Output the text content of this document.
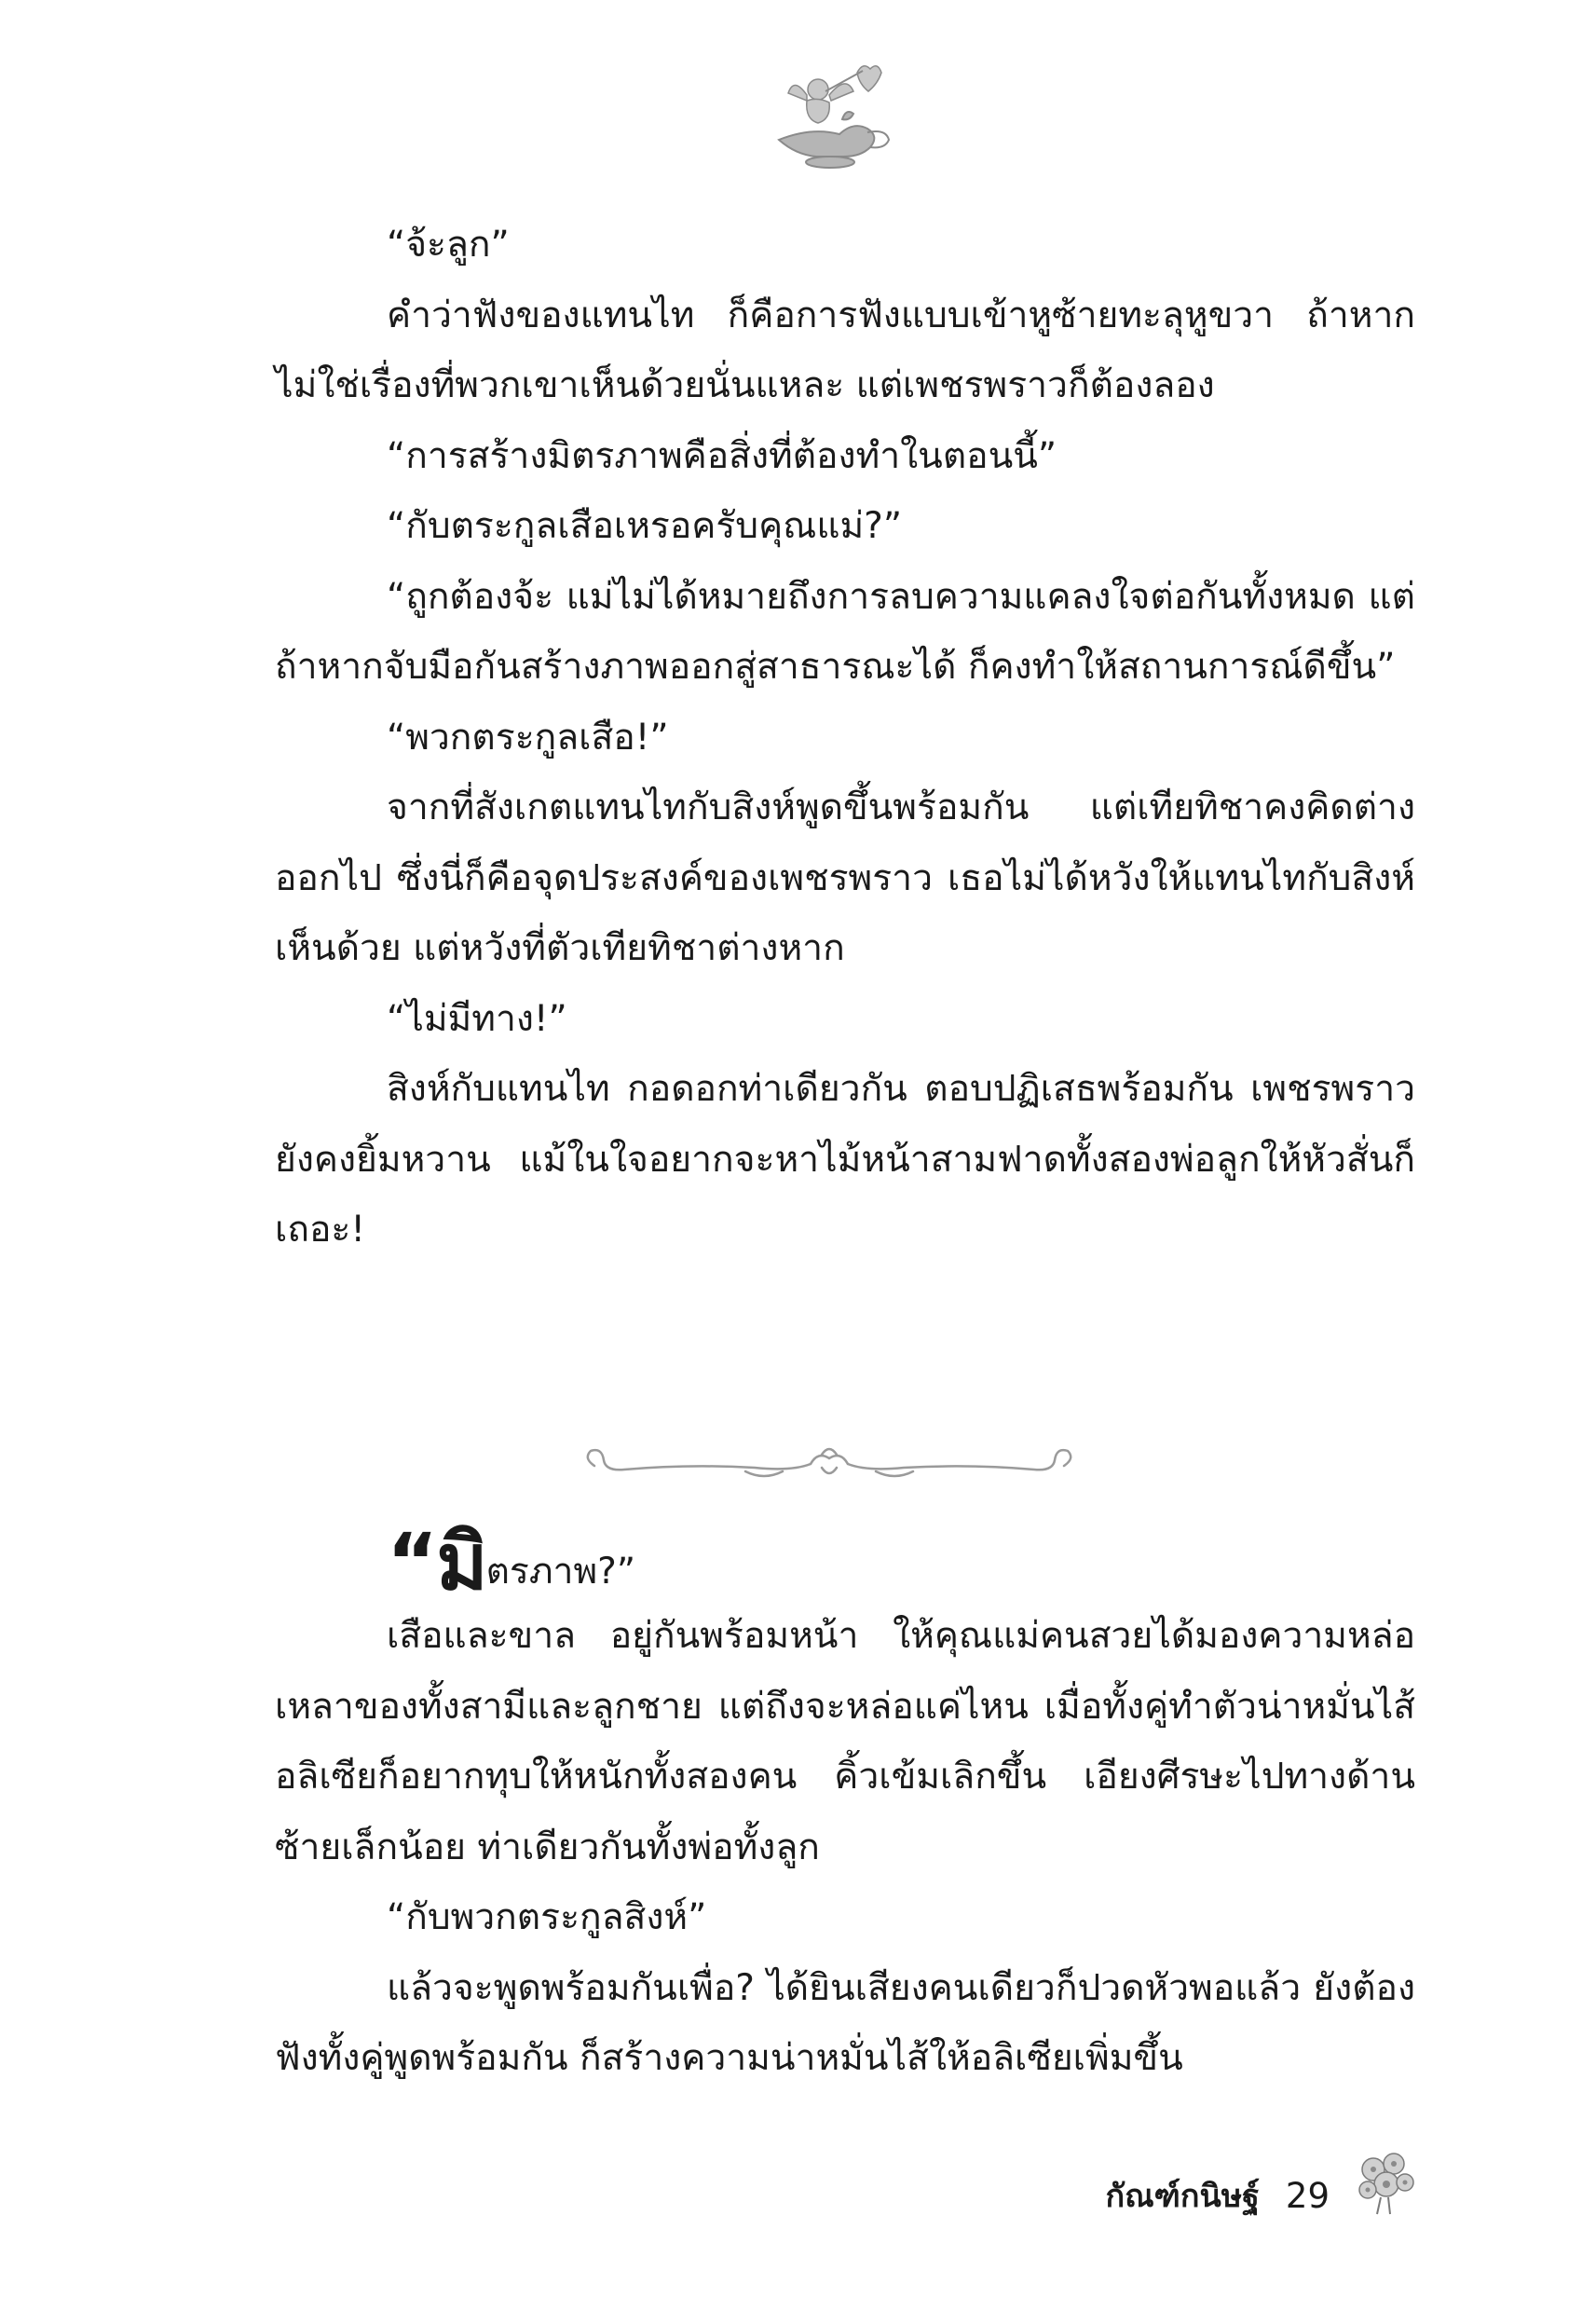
“จ้ะลูก”

คำว่าฟังของแทนไท ก็คือการฟังแบบเข้าหูซ้ายทะลุหูขวา ถ้าหากไม่ใช่เรื่องที่พวกเขาเห็นด้วยนั่นแหละ แต่เพชรพราวก็ต้องลอง

“การสร้างมิตรภาพคือสิ่งที่ต้องทำในตอนนี้”

“กับตระกูลเสือเหรอครับคุณแม่?”

“ถูกต้องจ้ะ แม่ไม่ได้หมายถึงการลบความแคลงใจต่อกันทั้งหมด แต่ถ้าหากจับมือกันสร้างภาพออกสู่สาธารณะได้ ก็คงทำให้สถานการณ์ดีขึ้น”

“พวกตระกูลเสือ!”

จากที่สังเกตแทนไทกับสิงห์พูดขึ้นพร้อมกัน แต่เทียทิชาคงคิดต่างออกไป ซึ่งนี่ก็คือจุดประสงค์ของเพชรพราว เธอไม่ได้หวังให้แทนไทกับสิงห์เห็นด้วย แต่หวังที่ตัวเทียทิชาต่างหาก

“ไม่มีทาง!”

สิงห์กับแทนไท กอดอกท่าเดียวกัน ตอบปฏิเสธพร้อมกัน เพชรพราวยังคงยิ้มหวาน แม้ในใจอยากจะหาไม้หน้าสามฟาดทั้งสองพ่อลูกให้หัวสั่นก็เถอะ!

“มิตรภาพ?”

เสือและขาล อยู่กันพร้อมหน้า ให้คุณแม่คนสวยได้มองความหล่อเหลาของทั้งสามีและลูกชาย แต่ถึงจะหล่อแค่ไหน เมื่อทั้งคู่ทำตัวน่าหมั่นไส้ อลิเซียก็อยากทุบให้หนักทั้งสองคน คิ้วเข้มเลิกขึ้น เอียงศีรษะไปทางด้านซ้ายเล็กน้อย ท่าเดียวกันทั้งพ่อทั้งลูก

“กับพวกตระกูลสิงห์”

แล้วจะพูดพร้อมกันเพื่อ? ได้ยินเสียงคนเดียวก็ปวดหัวพอแล้ว ยังต้องฟังทั้งคู่พูดพร้อมกัน ก็สร้างความน่าหมั่นไส้ให้อลิเซียเพิ่มขึ้น

กัณฑ์กนิษฐ์ 29
